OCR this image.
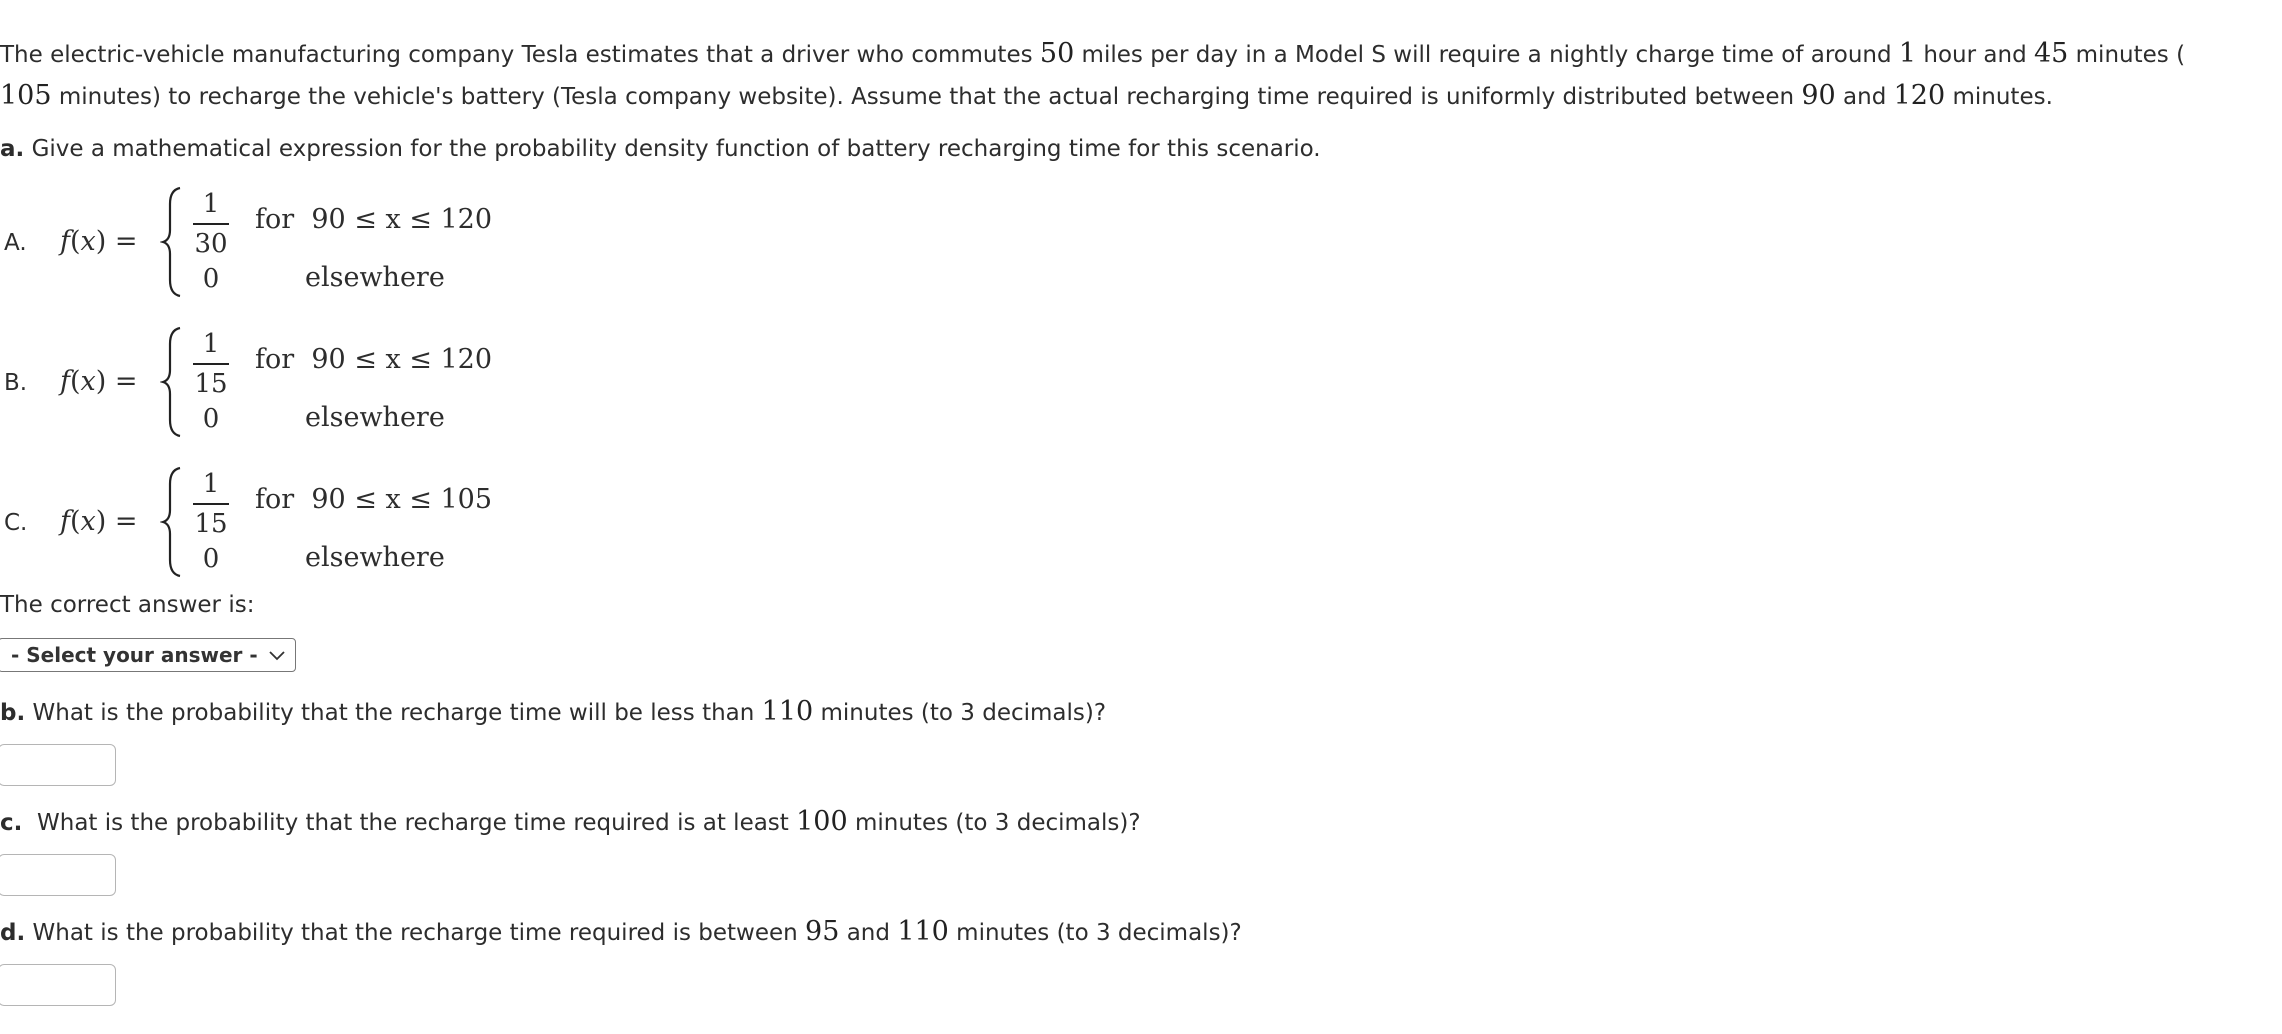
The electric-vehicle manufacturing company Tesla estimates that a driver who commutes 50 miles per day in a Model S will require a nightly charge time of around 1 hour and 45 minutes (
105 minutes) to recharge the vehicle's battery (Tesla company website). Assume that the actual recharging time required is uniformly distributed between 90 and 120 minutes.
a. Give a mathematical expression for the probability density function of battery recharging time for this scenario.
A. f(x) =
1
30
for 90 ≤ x ≤ 120
0	elsewhere
B. f(x) =
1
15
for 90 ≤ x ≤ 120
0	elsewhere
C. f(x) =
1
15
for 90 ≤ x ≤ 105
0	elsewhere
The correct answer is:
- Select your answer -
b. What is the probability that the recharge time will be less than 110 minutes (to 3 decimals)?
c.  What is the probability that the recharge time required is at least 100 minutes (to 3 decimals)?
d. What is the probability that the recharge time required is between 95 and 110 minutes (to 3 decimals)?
